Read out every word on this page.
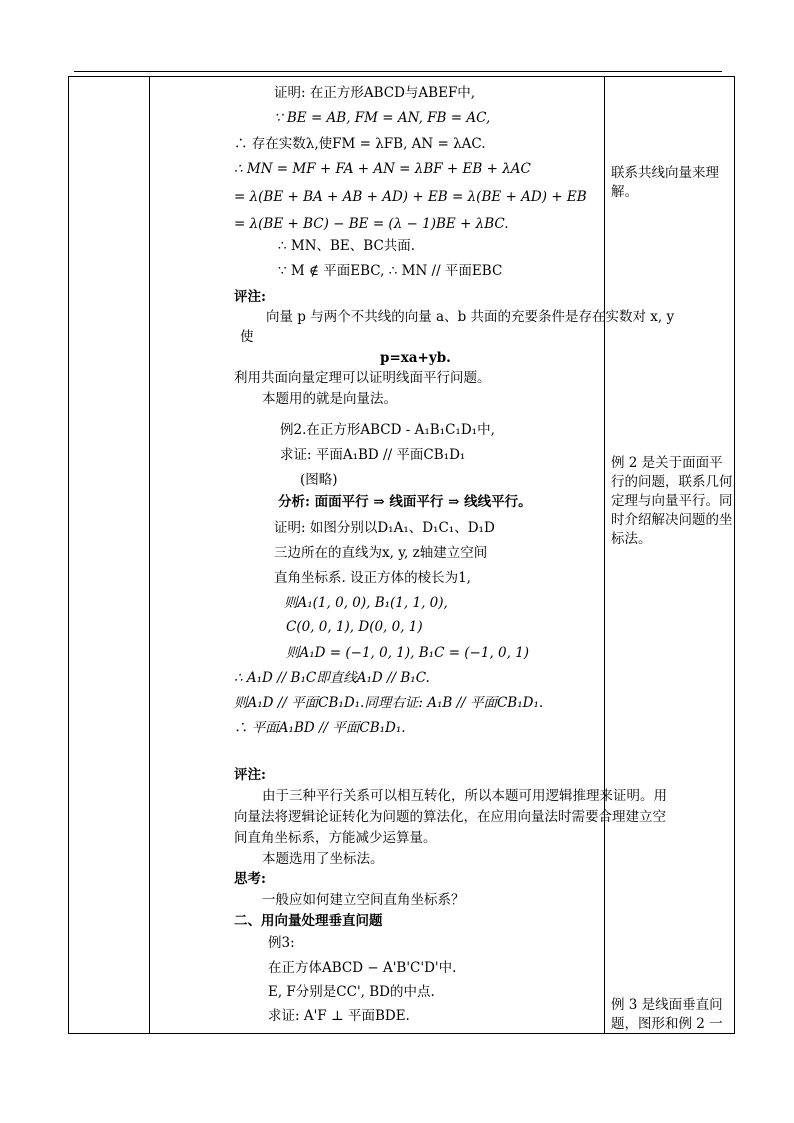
证明: 在正方形ABCD与ABEF中,
∵ BE = AB, FM = AN, FB = AC,
∴ 存在实数λ,使FM = λFB, AN = λAC.
∴ MN = MF + FA + AN = λBF + EB + λAC
= λ(BE + BA + AB + AD) + EB = λ(BE + AD) + EB
= λ(BE + BC) − BE = (λ − 1)BE + λBC.
∴ MN、BE、BC共面.
∵ M ∉ 平面EBC, ∴ MN // 平面EBC
评注:
向量 p 与两个不共线的向量 a、b 共面的充要条件是存在实数对 x, y
使
p=xa+yb.
利用共面向量定理可以证明线面平行问题。
本题用的就是向量法。
例2.在正方形ABCD - A₁B₁C₁D₁中,
求证: 平面A₁BD // 平面CB₁D₁
(图略)
分析: 面面平行 ⇒ 线面平行 ⇒ 线线平行。
证明: 如图分别以D₁A₁、D₁C₁、D₁D
三边所在的直线为x, y, z轴建立空间
直角坐标系. 设正方体的棱长为1,
则A₁(1, 0, 0), B₁(1, 1, 0),
C(0, 0, 1), D(0, 0, 1)
则A₁D = (−1, 0, 1), B₁C = (−1, 0, 1)
∴ A₁D // B₁C即直线A₁D // B₁C.
则A₁D // 平面CB₁D₁.同理右证: A₁B // 平面CB₁D₁.
∴ 平面A₁BD // 平面CB₁D₁.
评注:
由于三种平行关系可以相互转化，所以本题可用逻辑推理来证明。用
向量法将逻辑论证转化为问题的算法化，在应用向量法时需要合理建立空
间直角坐标系，方能减少运算量。
本题选用了坐标法。
思考:
一般应如何建立空间直角坐标系？
二、用向量处理垂直问题
例3:
在正方体ABCD − A'B'C'D'中.
E, F分别是CC', BD的中点.
求证: A'F ⊥ 平面BDE.

联系共线向量来理解。
例 2 是关于面面平行的问题，联系几何定理与向量平行。同时介绍解决问题的坐标法。
例 3 是线面垂直问题，图形和例 2 一
